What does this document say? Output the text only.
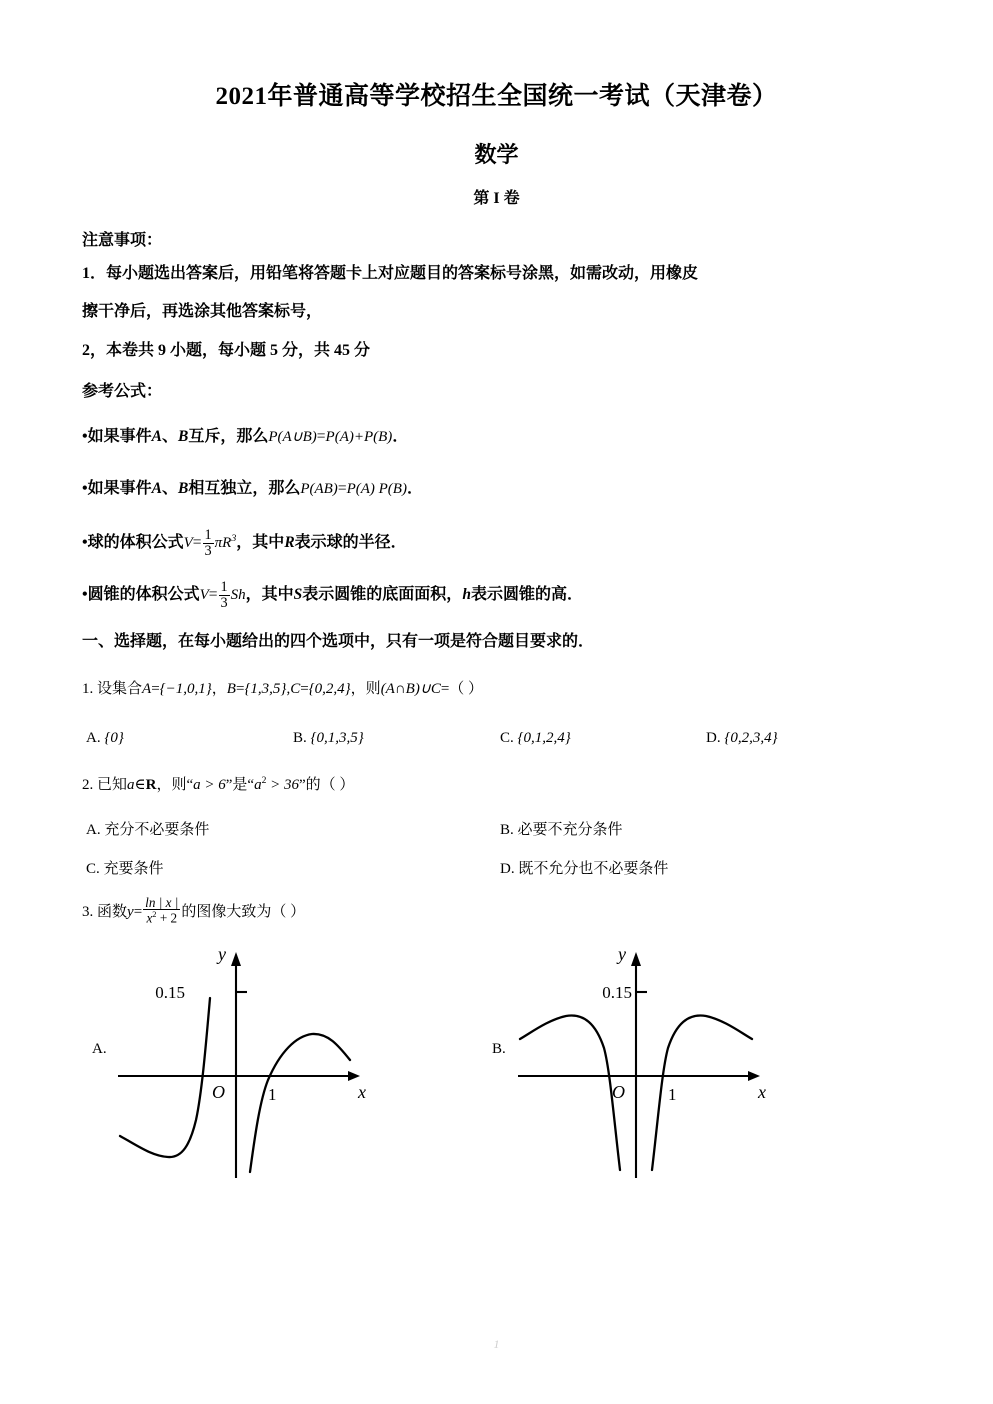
2021年普通高等学校招生全国统一考试（天津卷）
数学
第 I 卷
注意事项：
1．每小题选出答案后，用铅笔将答题卡上对应题目的答案标号涂黑，如需改动，用橡皮
擦干净后，再选涂其他答案标号，
2，本卷共 9 小题，每小题 5 分，共 45 分
参考公式：
•如果事件A、B互斥，那么P(A∪B)=P(A)+P(B)．
•如果事件A、B相互独立，那么P(AB)=P(A) P(B)．
•球的体积公式$V= \frac{1}{3} \pi R^3$，其中R表示球的半径．
•圆锥的体积公式$V= \frac{1}{3}$ Sh，其中S表示圆锥的底面面积，h表示圆锥的高．
一、选择题，在每小题给出的四个选项中，只有一项是符合题目要求的．
1. 设集合A={−1,0,1}，B={1,3,5},C={0,2,4}，则(A∩B)∪C=（ ）
A. {0}	B. {0,1,3,5}	C. {0,1,2,4}	D. {0,2,3,4}
2. 已知a∈R，则“a > 6”是“$a^2 > 36$”的（ ）
A. 充分不必要条件	B. 必要不充分条件
C. 充要条件	D. 既不允分也不必要条件
3. 函数$y= \frac{\ln | x |}{x^2 + 2}$ 的图像大致为（ ）
A.
y
x
O
0.15
1
B.
y
x
O
0.15
1
1
